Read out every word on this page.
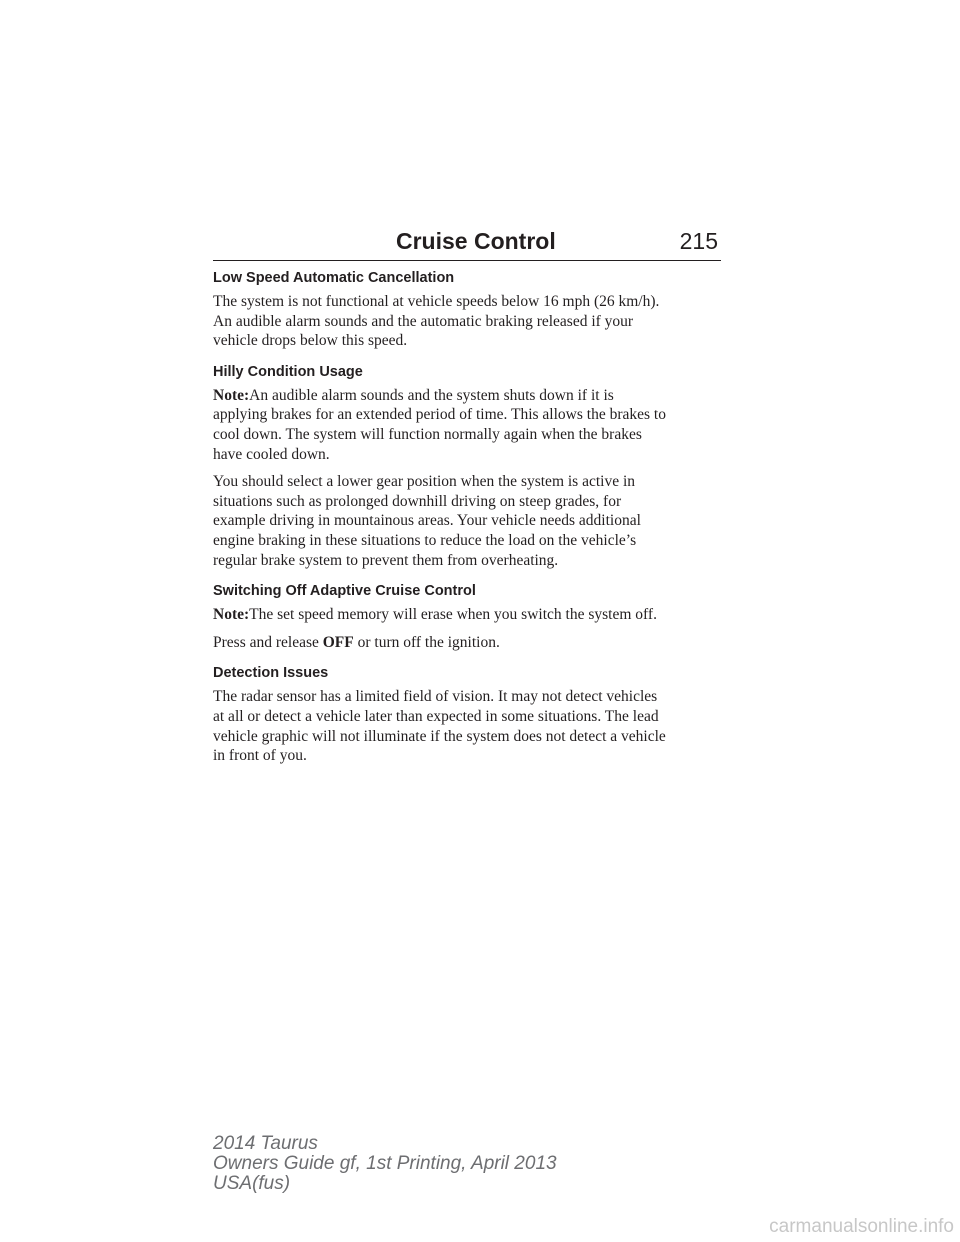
Cruise Control	215
Low Speed Automatic Cancellation

The system is not functional at vehicle speeds below 16 mph (26 km/h).
An audible alarm sounds and the automatic braking released if your
vehicle drops below this speed.

Hilly Condition Usage

Note:An audible alarm sounds and the system shuts down if it is
applying brakes for an extended period of time. This allows the brakes to
cool down. The system will function normally again when the brakes
have cooled down.

You should select a lower gear position when the system is active in
situations such as prolonged downhill driving on steep grades, for
example driving in mountainous areas. Your vehicle needs additional
engine braking in these situations to reduce the load on the vehicle’s
regular brake system to prevent them from overheating.

Switching Off Adaptive Cruise Control

Note:The set speed memory will erase when you switch the system off.

Press and release OFF or turn off the ignition.

Detection Issues

The radar sensor has a limited field of vision. It may not detect vehicles
at all or detect a vehicle later than expected in some situations. The lead
vehicle graphic will not illuminate if the system does not detect a vehicle
in front of you.

2014 Taurus
Owners Guide gf, 1st Printing, April 2013
USA(fus)
carmanualsonline.info
